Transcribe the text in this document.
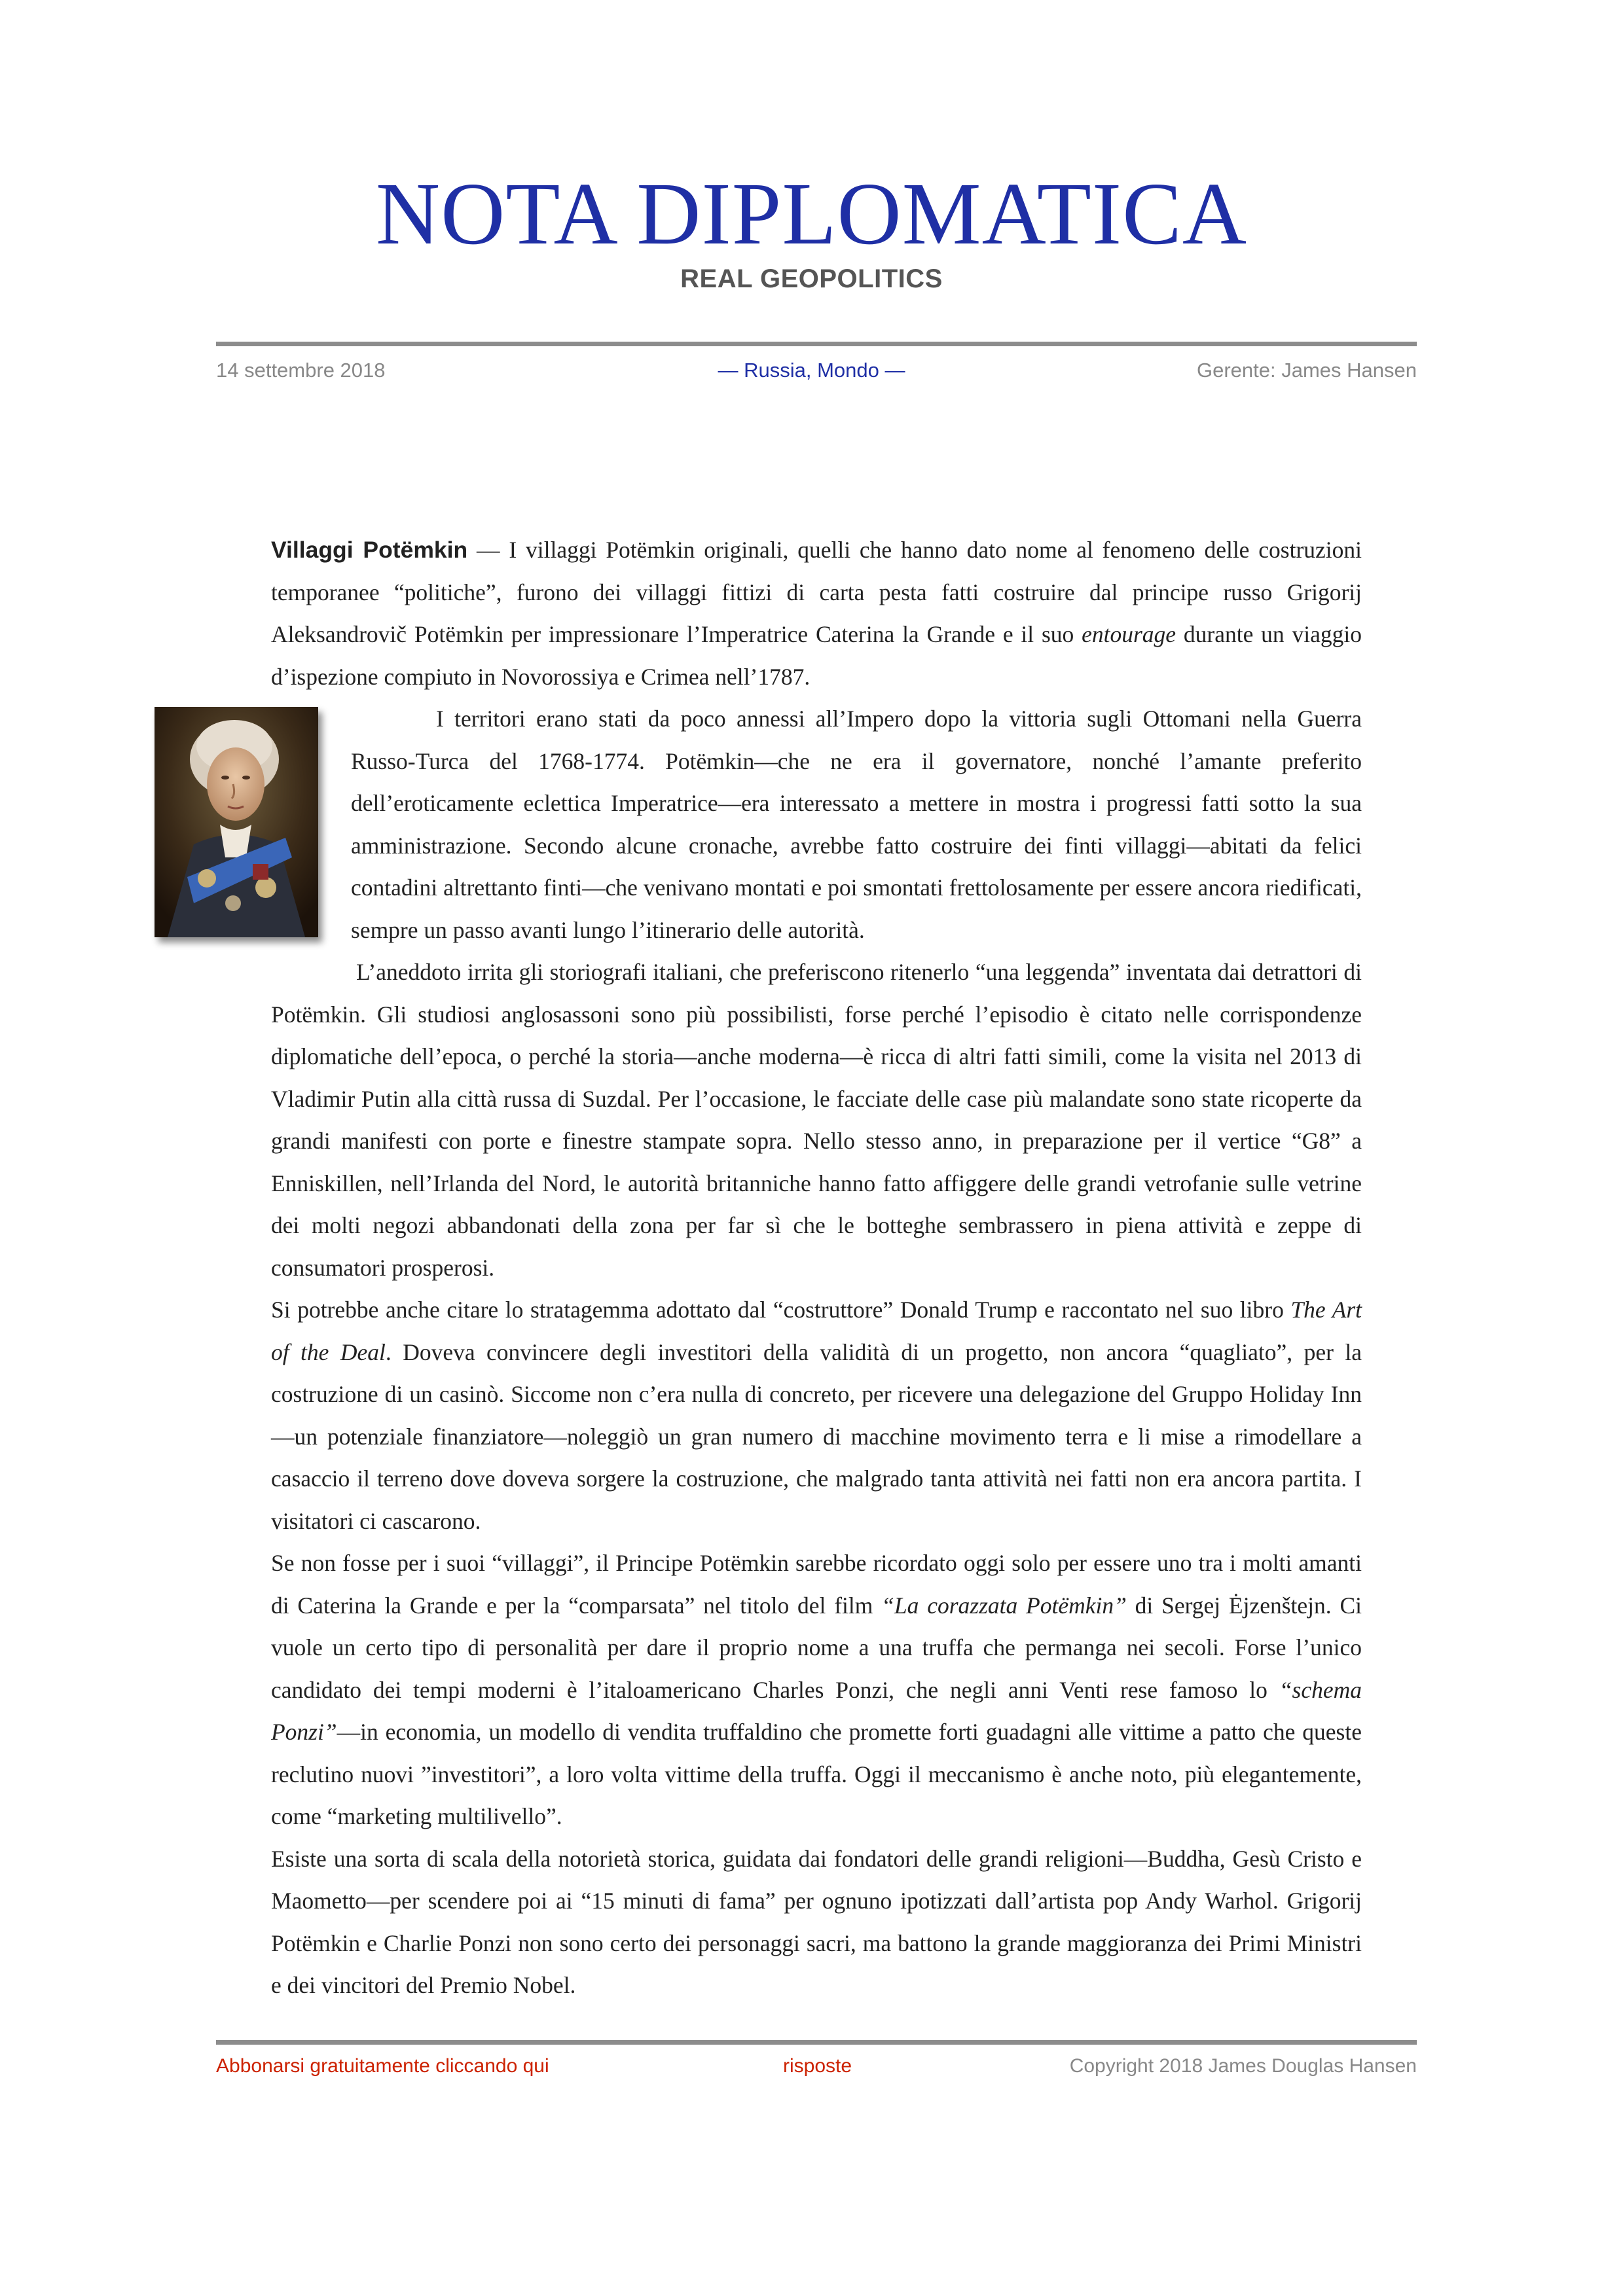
NOTA DIPLOMATICA
REAL GEOPOLITICS
14 settembre 2018	— Russia, Mondo —	Gerente: James Hansen

Villaggi Potëmkin — I villaggi Potëmkin originali, quelli che hanno dato nome al fenomeno delle costruzioni temporanee “politiche”, furono dei villaggi fittizi di carta pesta fatti costruire dal principe russo Grigorij Aleksandrovič Potëmkin per impressionare l’Imperatrice Caterina la Grande e il suo entourage durante un viaggio d’ispezione compiuto in Novorossiya e Crimea nell’1787.

I territori erano stati da poco annessi all’Impero dopo la vittoria sugli Ottomani nella Guerra Russo-Turca del 1768-1774. Potëmkin—che ne era il governatore, nonché l’amante preferito dell’eroticamente eclettica Imperatrice—era interessato a mettere in mostra i progressi fatti sotto la sua amministrazione. Secondo alcune cronache, avrebbe fatto costruire dei finti villaggi—abitati da felici contadini altrettanto finti—che venivano montati e poi smontati frettolosamente per essere ancora riedificati, sempre un passo avanti lungo l’itinerario delle autorità.

L’aneddoto irrita gli storiografi italiani, che preferiscono ritenerlo “una leggenda” inventata dai detrattori di Potëmkin. Gli studiosi anglosassoni sono più possibilisti, forse perché l’episodio è citato nelle corrispondenze diplomatiche dell’epoca, o perché la storia—anche moderna—è ricca di altri fatti simili, come la visita nel 2013 di Vladimir Putin alla città russa di Suzdal. Per l’occasione, le facciate delle case più malandate sono state ricoperte da grandi manifesti con porte e finestre stampate sopra. Nello stesso anno, in preparazione per il vertice “G8” a Enniskillen, nell’Irlanda del Nord, le autorità britanniche hanno fatto affiggere delle grandi vetrofanie sulle vetrine dei molti negozi abbandonati della zona per far sì che le botteghe sembrassero in piena attività e zeppe di consumatori prosperosi.

Si potrebbe anche citare lo stratagemma adottato dal “costruttore” Donald Trump e raccontato nel suo libro The Art of the Deal. Doveva convincere degli investitori della validità di un progetto, non ancora “quagliato”, per la costruzione di un casinò. Siccome non c’era nulla di concreto, per ricevere una delegazione del Gruppo Holiday Inn—un potenziale finanziatore—noleggiò un gran numero di macchine movimento terra e li mise a rimodellare a casaccio il terreno dove doveva sorgere la costruzione, che malgrado tanta attività nei fatti non era ancora partita. I visitatori ci cascarono.

Se non fosse per i suoi “villaggi”, il Principe Potëmkin sarebbe ricordato oggi solo per essere uno tra i molti amanti di Caterina la Grande e per la “comparsata” nel titolo del film “La corazzata Potëmkin” di Sergej Ėjzenštejn. Ci vuole un certo tipo di personalità per dare il proprio nome a una truffa che permanga nei secoli. Forse l’unico candidato dei tempi moderni è l’italoamericano Charles Ponzi, che negli anni Venti rese famoso lo “schema Ponzi”—in economia, un modello di vendita truffaldino che promette forti guadagni alle vittime a patto che queste reclutino nuovi ”investitori”, a loro volta vittime della truffa. Oggi il meccanismo è anche noto, più elegantemente, come “marketing multilivello”.

Esiste una sorta di scala della notorietà storica, guidata dai fondatori delle grandi religioni—Buddha, Gesù Cristo e Maometto—per scendere poi ai “15 minuti di fama” per ognuno ipotizzati dall’artista pop Andy Warhol. Grigorij Potëmkin e Charlie Ponzi non sono certo dei personaggi sacri, ma battono la grande maggioranza dei Primi Ministri e dei vincitori del Premio Nobel.

Abbonarsi gratuitamente cliccando qui	risposte	Copyright 2018 James Douglas Hansen
